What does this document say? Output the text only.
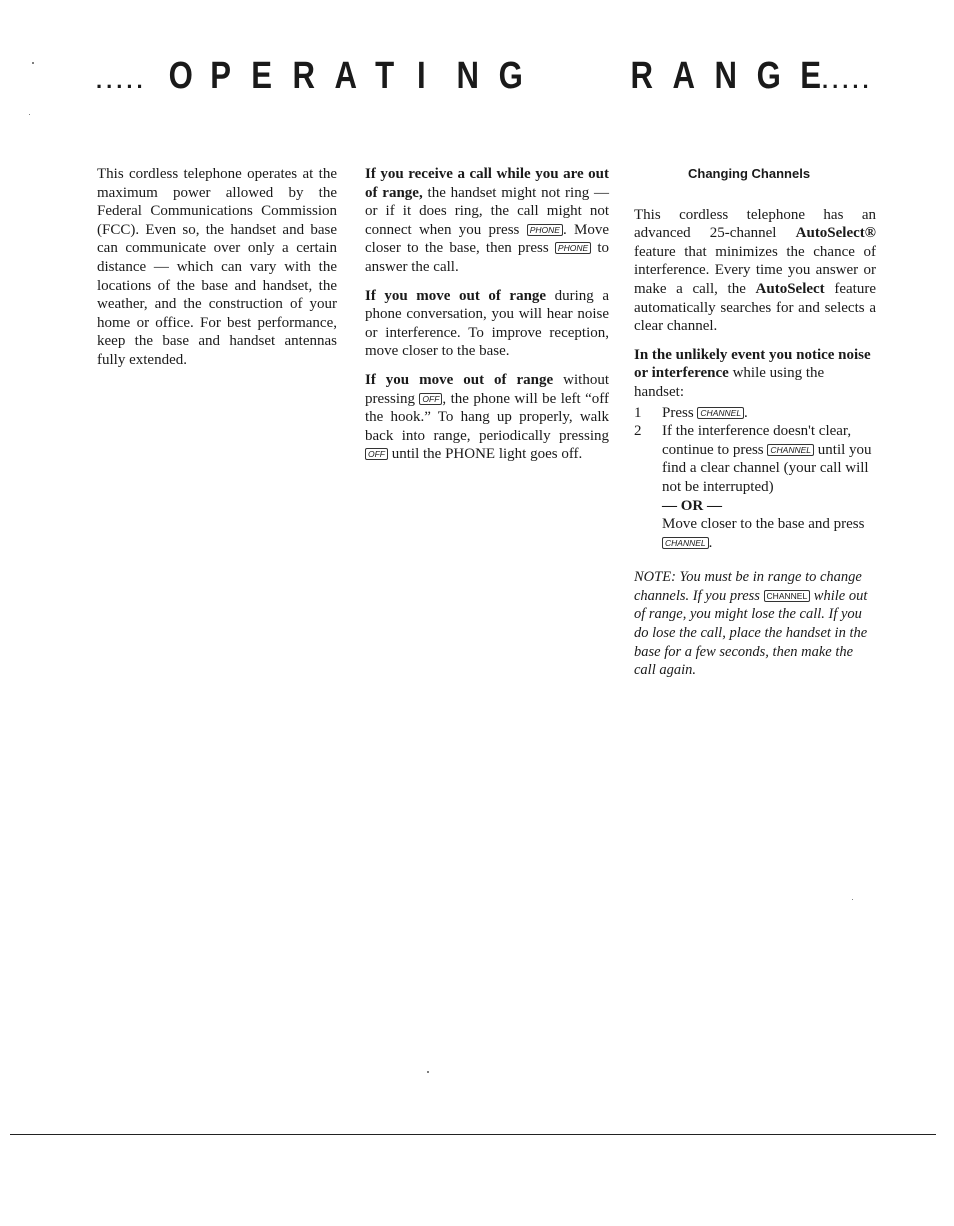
..... O P E R A T I N G	R A N G E .....

This cordless telephone operates at the maximum power allowed by the Federal Communications Commission (FCC). Even so, the handset and base can communicate over only a certain distance — which can vary with the locations of the base and handset, the weather, and the construction of your home or office. For best performance, keep the base and handset antennas fully extended.

If you receive a call while you are out of range, the handset might not ring — or if it does ring, the call might not connect when you press PHONE . Move closer to the base, then press PHONE to answer the call.

If you move out of range during a phone conversation, you will hear noise or interference. To improve reception, move closer to the base.

If you move out of range without pressing OFF , the phone will be left “off the hook.” To hang up properly, walk back into range, periodically pressing OFF until the PHONE light goes off.

Changing Channels

This cordless telephone has an advanced 25-channel AutoSelect® feature that minimizes the chance of interference. Every time you answer or make a call, the AutoSelect feature automatically searches for and selects a clear channel.

In the unlikely event you notice noise or interference while using the handset:

1 Press CHANNEL .
2 If the interference doesn't clear, continue to press CHANNEL until you find a clear channel (your call will not be interrupted)
— OR —
Move closer to the base and press CHANNEL .

NOTE: You must be in range to change channels. If you press CHANNEL while out of range, you might lose the call. If you do lose the call, place the handset in the base for a few seconds, then make the call again.
